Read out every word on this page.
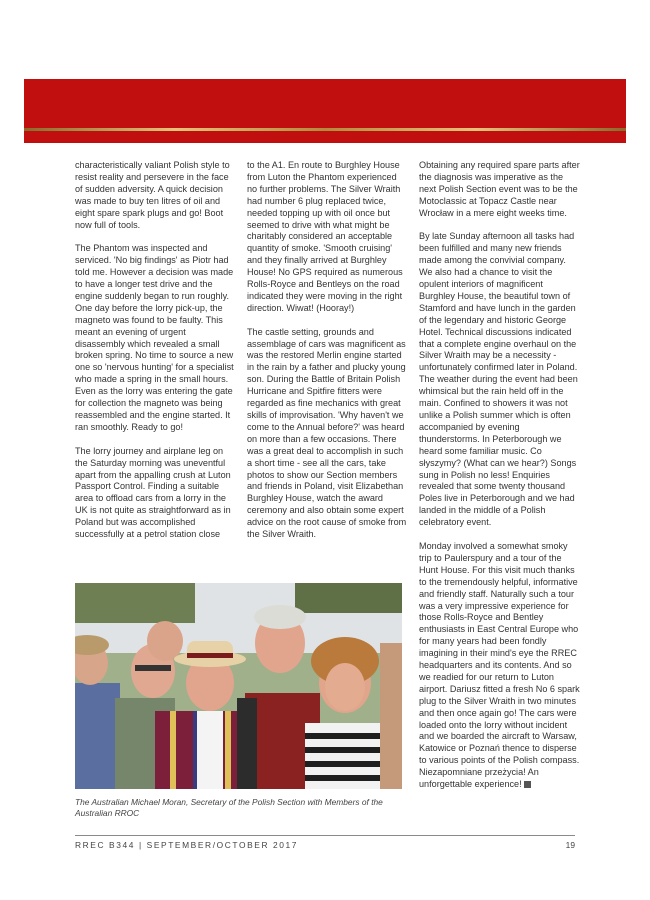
characteristically valiant Polish style to resist reality and persevere in the face of sudden adversity. A quick decision was made to buy ten litres of oil and eight spare spark plugs and go! Boot now full of tools.

The Phantom was inspected and serviced. 'No big findings' as Piotr had told me. However a decision was made to have a longer test drive and the engine suddenly began to run roughly. One day before the lorry pick-up, the magneto was found to be faulty. This meant an evening of urgent disassembly which revealed a small broken spring. No time to source a new one so 'nervous hunting' for a specialist who made a spring in the small hours. Even as the lorry was entering the gate for collection the magneto was being reassembled and the engine started. It ran smoothly. Ready to go!

The lorry journey and airplane leg on the Saturday morning was uneventful apart from the appalling crush at Luton Passport Control. Finding a suitable area to offload cars from a lorry in the UK is not quite as straightforward as in Poland but was accomplished successfully at a petrol station close

to the A1. En route to Burghley House from Luton the Phantom experienced no further problems. The Silver Wraith had number 6 plug replaced twice, needed topping up with oil once but seemed to drive with what might be charitably considered an acceptable quantity of smoke. 'Smooth cruising' and they finally arrived at Burghley House! No GPS required as numerous Rolls-Royce and Bentleys on the road indicated they were moving in the right direction. Wiwat! (Hooray!)

The castle setting, grounds and assemblage of cars was magnificent as was the restored Merlin engine started in the rain by a father and plucky young son. During the Battle of Britain Polish Hurricane and Spitfire fitters were regarded as fine mechanics with great skills of improvisation. 'Why haven't we come to the Annual before?' was heard on more than a few occasions. There was a great deal to accomplish in such a short time - see all the cars, take photos to show our Section members and friends in Poland, visit Elizabethan Burghley House, watch the award ceremony and also obtain some expert advice on the root cause of smoke from the Silver Wraith.

Obtaining any required spare parts after the diagnosis was imperative as the next Polish Section event was to be the Motoclassic at Topacz Castle near Wrocław in a mere eight weeks time.

By late Sunday afternoon all tasks had been fulfilled and many new friends made among the convivial company. We also had a chance to visit the opulent interiors of magnificent Burghley House, the beautiful town of Stamford and have lunch in the garden of the legendary and historic George Hotel. Technical discussions indicated that a complete engine overhaul on the Silver Wraith may be a necessity - unfortunately confirmed later in Poland. The weather during the event had been whimsical but the rain held off in the main. Confined to showers it was not unlike a Polish summer which is often accompanied by evening thunderstorms. In Peterborough we heard some familiar music. Co słyszymy? (What can we hear?) Songs sung in Polish no less! Enquiries revealed that some twenty thousand Poles live in Peterborough and we had landed in the middle of a Polish celebratory event.

Monday involved a somewhat smoky trip to Paulerspury and a tour of the Hunt House. For this visit much thanks to the tremendously helpful, informative and friendly staff. Naturally such a tour was a very impressive experience for those Rolls-Royce and Bentley enthusiasts in East Central Europe who for many years had been fondly imagining in their mind's eye the RREC headquarters and its contents. And so we readied for our return to Luton airport. Dariusz fitted a fresh No 6 spark plug to the Silver Wraith in two minutes and then once again go! The cars were loaded onto the lorry without incident and we boarded the aircraft to Warsaw, Katowice or Poznań thence to disperse to various points of the Polish compass. Niezapomniane przeżycia! An unforgettable experience!

The Australian Michael Moran, Secretary of the Polish Section with Members of the Australian RROC
RREC B344 | SEPTEMBER/OCTOBER 2017	19
